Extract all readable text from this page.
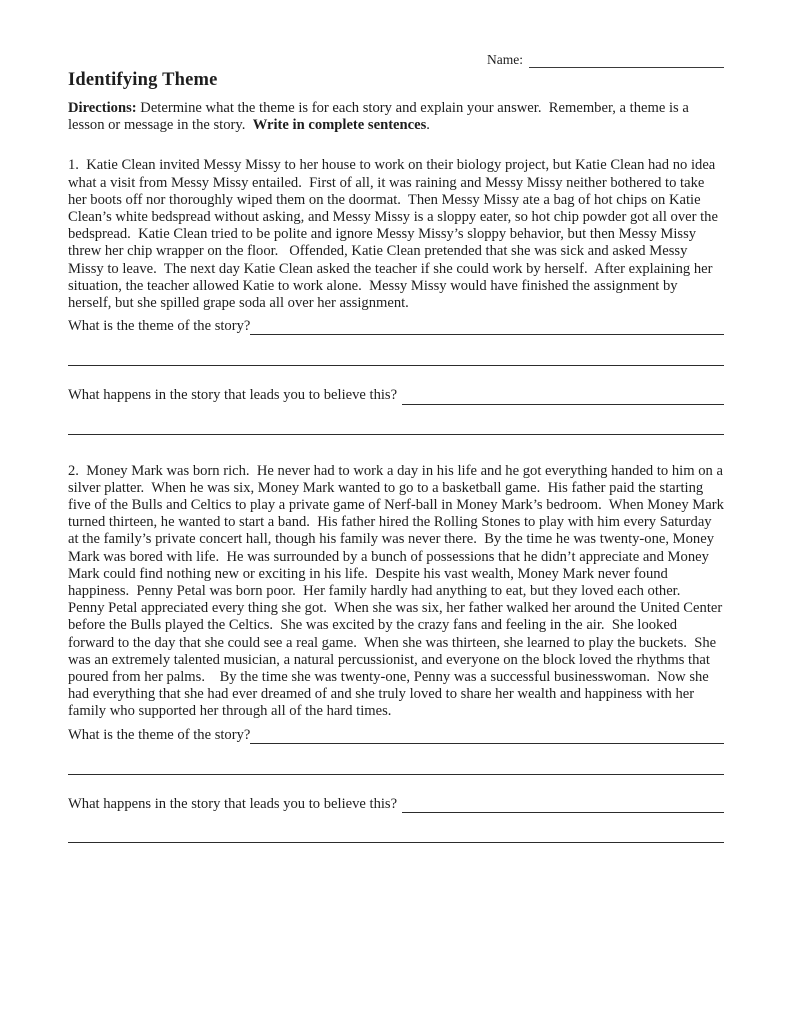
Name:
Identifying Theme
Directions: Determine what the theme is for each story and explain your answer.  Remember, a theme is a lesson or message in the story.  Write in complete sentences.
1.  Katie Clean invited Messy Missy to her house to work on their biology project, but Katie Clean had no idea what a visit from Messy Missy entailed.  First of all, it was raining and Messy Missy neither bothered to take her boots off nor thoroughly wiped them on the doormat.  Then Messy Missy ate a bag of hot chips on Katie Clean’s white bedspread without asking, and Messy Missy is a sloppy eater, so hot chip powder got all over the bedspread.  Katie Clean tried to be polite and ignore Messy Missy’s sloppy behavior, but then Messy Missy threw her chip wrapper on the floor.   Offended, Katie Clean pretended that she was sick and asked Messy Missy to leave.  The next day Katie Clean asked the teacher if she could work by herself.  After explaining her situation, the teacher allowed Katie to work alone.  Messy Missy would have finished the assignment by herself, but she spilled grape soda all over her assignment.
What is the theme of the story?
What happens in the story that leads you to believe this?
2.  Money Mark was born rich.  He never had to work a day in his life and he got everything handed to him on a silver platter.  When he was six, Money Mark wanted to go to a basketball game.  His father paid the starting five of the Bulls and Celtics to play a private game of Nerf-ball in Money Mark’s bedroom.  When Money Mark turned thirteen, he wanted to start a band.  His father hired the Rolling Stones to play with him every Saturday at the family’s private concert hall, though his family was never there.  By the time he was twenty-one, Money Mark was bored with life.  He was surrounded by a bunch of possessions that he didn’t appreciate and Money Mark could find nothing new or exciting in his life.  Despite his vast wealth, Money Mark never found happiness.  Penny Petal was born poor.  Her family hardly had anything to eat, but they loved each other.  Penny Petal appreciated every thing she got.  When she was six, her father walked her around the United Center before the Bulls played the Celtics.  She was excited by the crazy fans and feeling in the air.  She looked forward to the day that she could see a real game.  When she was thirteen, she learned to play the buckets.  She was an extremely talented musician, a natural percussionist, and everyone on the block loved the rhythms that poured from her palms.    By the time she was twenty-one, Penny was a successful businesswoman.  Now she had everything that she had ever dreamed of and she truly loved to share her wealth and happiness with her family who supported her through all of the hard times.
What is the theme of the story?
What happens in the story that leads you to believe this?
